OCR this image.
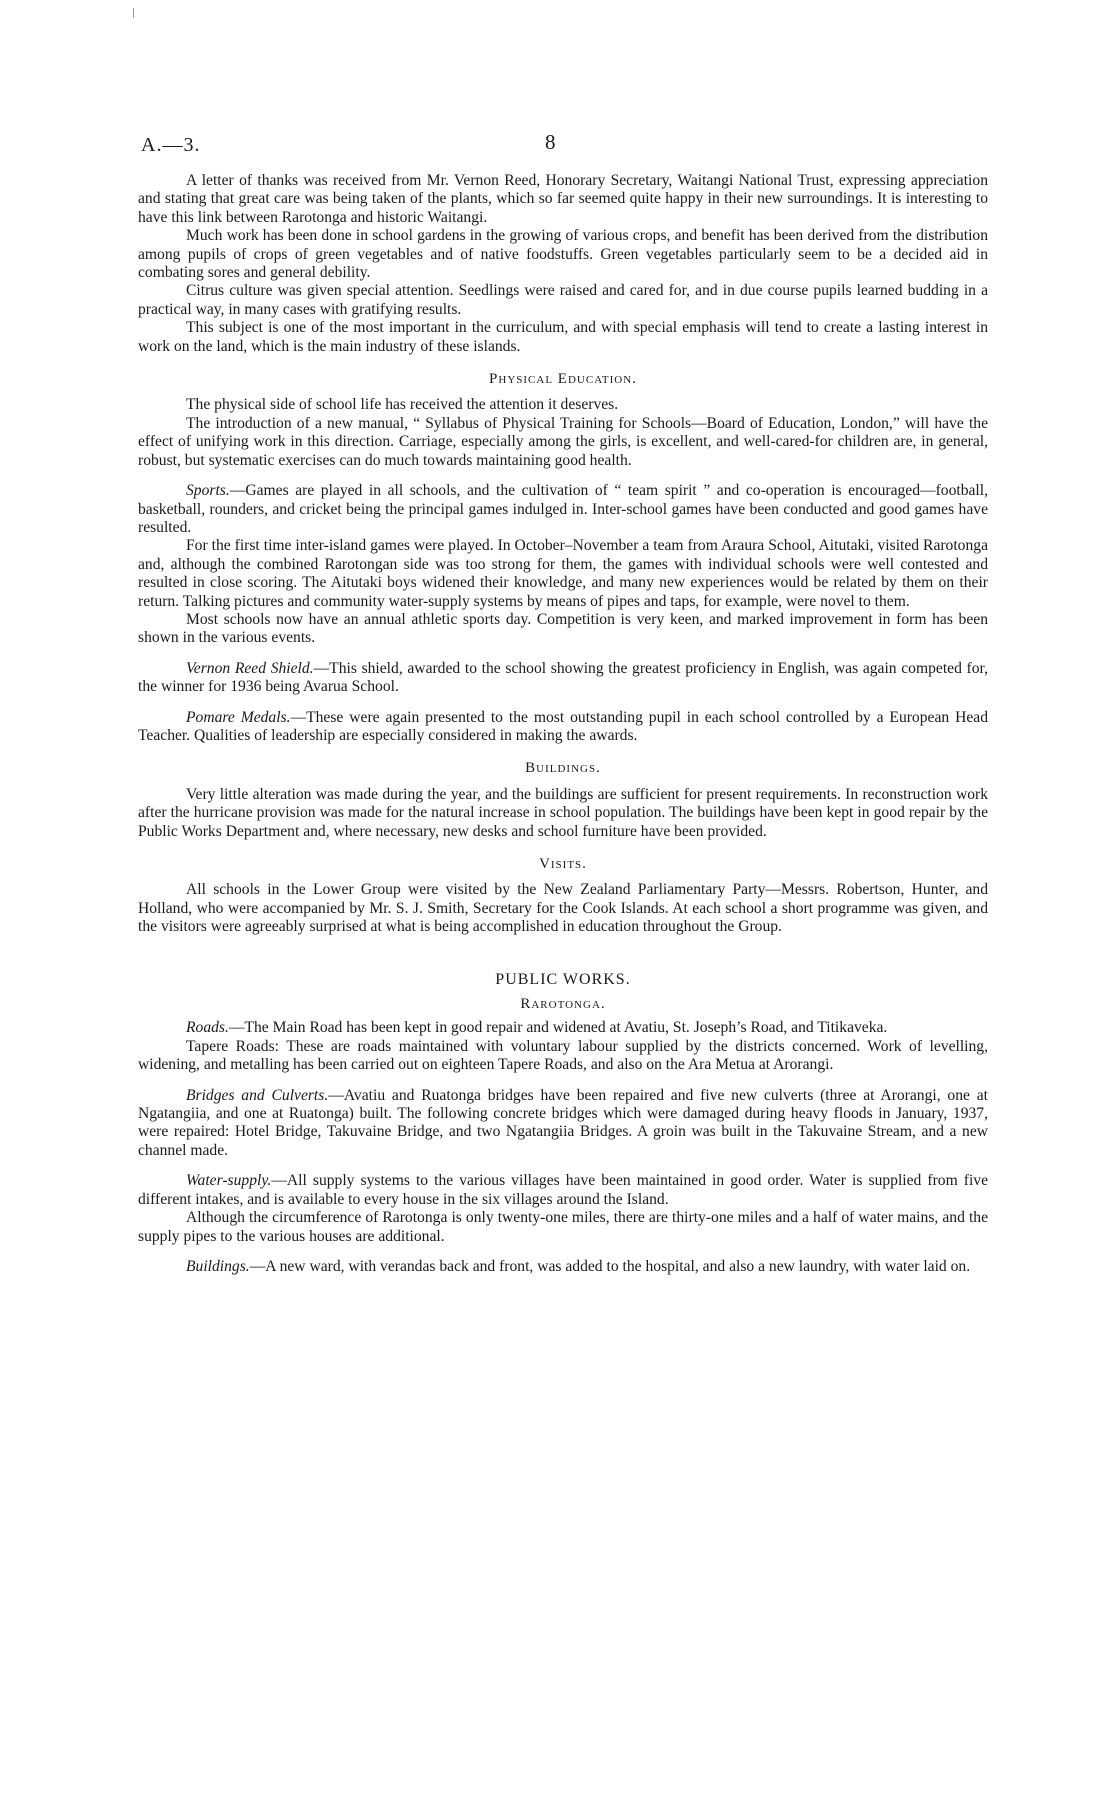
A.—3.	8

A letter of thanks was received from Mr. Vernon Reed, Honorary Secretary, Waitangi National Trust, expressing appreciation and stating that great care was being taken of the plants, which so far seemed quite happy in their new surroundings. It is interesting to have this link between Rarotonga and historic Waitangi.

Much work has been done in school gardens in the growing of various crops, and benefit has been derived from the distribution among pupils of crops of green vegetables and of native foodstuffs. Green vegetables particularly seem to be a decided aid in combating sores and general debility.

Citrus culture was given special attention. Seedlings were raised and cared for, and in due course pupils learned budding in a practical way, in many cases with gratifying results.

This subject is one of the most important in the curriculum, and with special emphasis will tend to create a lasting interest in work on the land, which is the main industry of these islands.

Physical Education.

The physical side of school life has received the attention it deserves.

The introduction of a new manual, “ Syllabus of Physical Training for Schools—Board of Education, London,” will have the effect of unifying work in this direction. Carriage, especially among the girls, is excellent, and well-cared-for children are, in general, robust, but systematic exercises can do much towards maintaining good health.

Sports.—Games are played in all schools, and the cultivation of “ team spirit ” and co-operation is encouraged—football, basketball, rounders, and cricket being the principal games indulged in. Inter-school games have been conducted and good games have resulted.

For the first time inter-island games were played. In October–November a team from Araura School, Aitutaki, visited Rarotonga and, although the combined Rarotongan side was too strong for them, the games with individual schools were well contested and resulted in close scoring. The Aitutaki boys widened their knowledge, and many new experiences would be related by them on their return. Talking pictures and community water-supply systems by means of pipes and taps, for example, were novel to them.

Most schools now have an annual athletic sports day. Competition is very keen, and marked improvement in form has been shown in the various events.

Vernon Reed Shield.—This shield, awarded to the school showing the greatest proficiency in English, was again competed for, the winner for 1936 being Avarua School.

Pomare Medals.—These were again presented to the most outstanding pupil in each school controlled by a European Head Teacher. Qualities of leadership are especially considered in making the awards.

Buildings.

Very little alteration was made during the year, and the buildings are sufficient for present requirements. In reconstruction work after the hurricane provision was made for the natural increase in school population. The buildings have been kept in good repair by the Public Works Department and, where necessary, new desks and school furniture have been provided.

Visits.

All schools in the Lower Group were visited by the New Zealand Parliamentary Party—Messrs. Robertson, Hunter, and Holland, who were accompanied by Mr. S. J. Smith, Secretary for the Cook Islands. At each school a short programme was given, and the visitors were agreeably surprised at what is being accomplished in education throughout the Group.

PUBLIC WORKS.
Rarotonga.

Roads.—The Main Road has been kept in good repair and widened at Avatiu, St. Joseph’s Road, and Titikaveka.

Tapere Roads: These are roads maintained with voluntary labour supplied by the districts concerned. Work of levelling, widening, and metalling has been carried out on eighteen Tapere Roads, and also on the Ara Metua at Arorangi.

Bridges and Culverts.—Avatiu and Ruatonga bridges have been repaired and five new culverts (three at Arorangi, one at Ngatangiia, and one at Ruatonga) built. The following concrete bridges which were damaged during heavy floods in January, 1937, were repaired: Hotel Bridge, Takuvaine Bridge, and two Ngatangiia Bridges. A groin was built in the Takuvaine Stream, and a new channel made.

Water-supply.—All supply systems to the various villages have been maintained in good order. Water is supplied from five different intakes, and is available to every house in the six villages around the Island.

Although the circumference of Rarotonga is only twenty-one miles, there are thirty-one miles and a half of water mains, and the supply pipes to the various houses are additional.

Buildings.—A new ward, with verandas back and front, was added to the hospital, and also a new laundry, with water laid on.
